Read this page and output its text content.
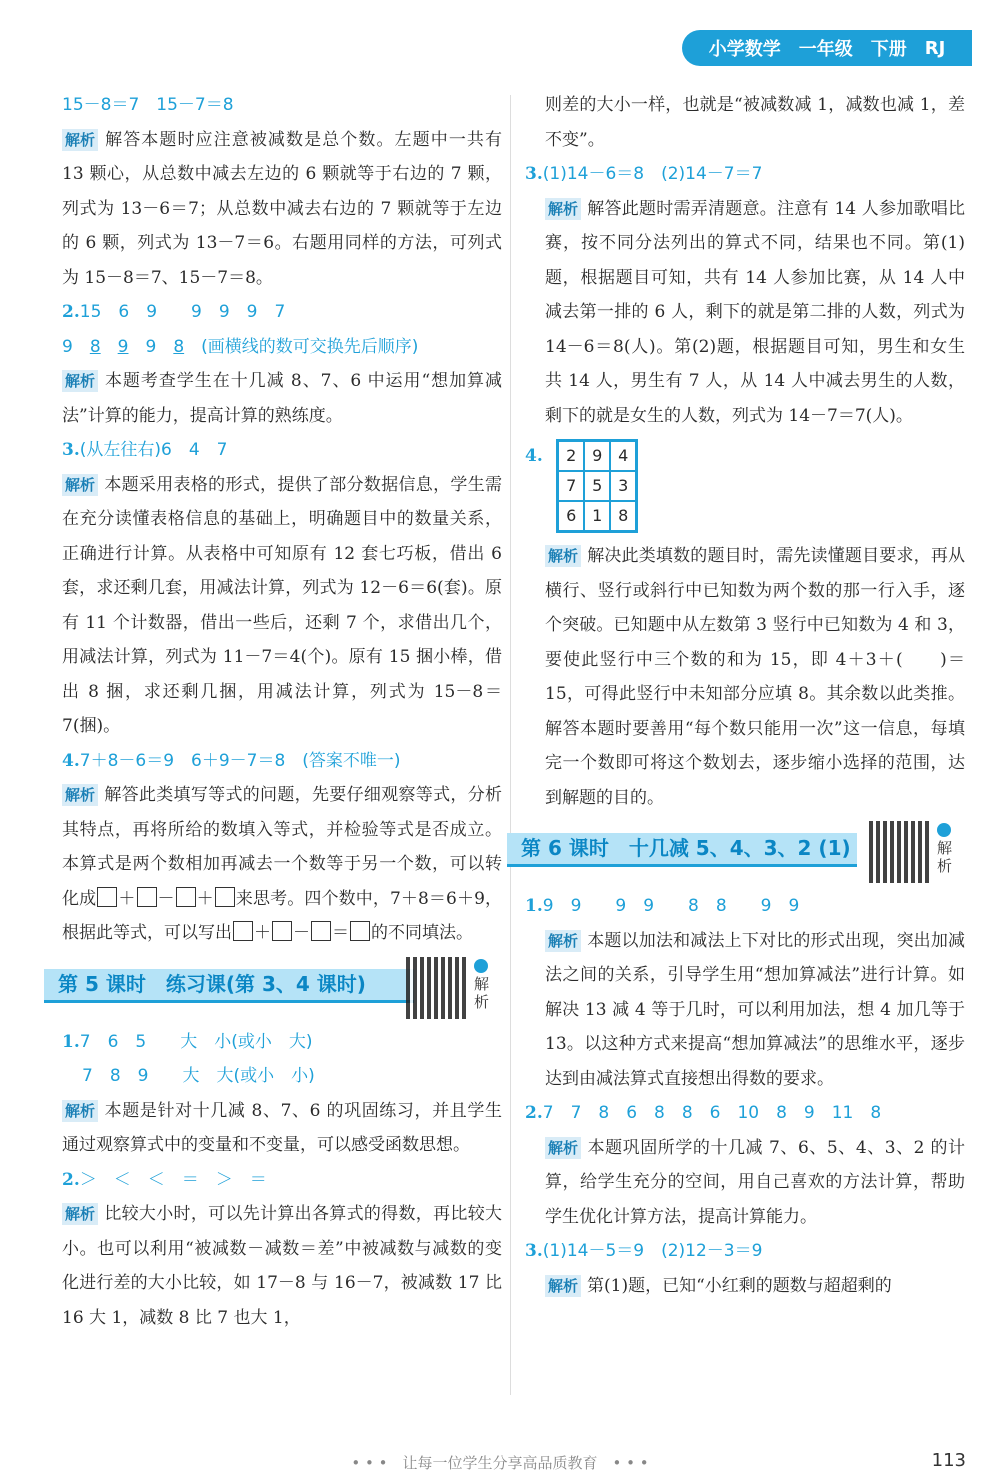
小学数学 一年级 下册 RJ
15－8＝7　15－7＝8

解析 解答本题时应注意被减数是总个数。左题中一共有 13 颗心，从总数中减去左边的 6 颗就等于右边的 7 颗，列式为 13－6＝7；从总数中减去右边的 7 颗就等于左边的 6 颗，列式为 13－7＝6。右题用同样的方法，可列式为 15－8＝7、15－7＝8。

2.15　6　9　　9　9　9　7
9　8　 9　9　8　(画横线的数可交换先后顺序)

解析 本题考查学生在十几减 8、7、6 中运用“想加算减法”计算的能力，提高计算的熟练度。

3.(从左往右)6　4　7

解析 本题采用表格的形式，提供了部分数据信息，学生需在充分读懂表格信息的基础上，明确题目中的数量关系，正确进行计算。从表格中可知原有 12 套七巧板，借出 6 套，求还剩几套，用减法计算，列式为 12－6＝6(套)。原有 11 个计数器，借出一些后，还剩 7 个，求借出几个，用减法计算，列式为 11－7＝4(个)。原有 15 捆小棒，借出 8 捆，求还剩几捆，用减法计算，列式为 15－8＝7(捆)。

4.7＋8－6＝9　6＋9－7＝8　(答案不唯一)

解析 解答此类填写等式的问题，先要仔细观察等式，分析其特点，再将所给的数填入等式，并检验等式是否成立。本算式是两个数相加再减去一个数等于另一个数，可以转化成 ＋ － ＋ 来思考。四个数中，7＋8＝6＋9，根据此等式，可以写出 ＋ － ＝ 的不同填法。

第 5 课时　练习课(第 3、4 课时)	解析
1.7　6　5　　大　小(或小　大)
7　8　9　　大　大(或小　小)

解析 本题是针对十几减 8、7、6 的巩固练习，并且学生通过观察算式中的变量和不变量，可以感受函数思想。

2.＞　＜　＜　＝　＞　＝

解析 比较大小时，可以先计算出各算式的得数，再比较大小。也可以利用“被减数－减数＝差”中被减数与减数的变化进行差的大小比较，如 17－8 与 16－7，被减数 17 比 16 大 1，减数 8 比 7 也大 1，

则差的大小一样，也就是“被减数减 1，减数也减 1，差不变”。

3.(1)14－6＝8　(2)14－7＝7

解析 解答此题时需弄清题意。注意有 14 人参加歌唱比赛，按不同分法列出的算式不同，结果也不同。第(1)题，根据题目可知，共有 14 人参加比赛，从 14 人中减去第一排的 6 人，剩下的就是第二排的人数，列式为 14－6＝8(人)。第(2)题，根据题目可知，男生和女生共 14 人，男生有 7 人，从 14 人中减去男生的人数，剩下的就是女生的人数，列式为 14－7＝7(人)。

4.	2 9 4
7 5 3
6 1 8

解析 解决此类填数的题目时，需先读懂题目要求，再从横行、竖行或斜行中已知数为两个数的那一行入手，逐个突破。已知题中从左数第 3 竖行中已知数为 4 和 3，要使此竖行中三个数的和为 15，即 4＋3＋(　　)＝15，可得此竖行中未知部分应填 8。其余数以此类推。解答本题时要善用“每个数只能用一次”这一信息，每填完一个数即可将这个数划去，逐步缩小选择的范围，达到解题的目的。

第 6 课时　十几减 5、4、3、2 (1)	解析
1.9　9　　9　9　　8　8　　9　9

解析 本题以加法和减法上下对比的形式出现，突出加减法之间的关系，引导学生用“想加算减法”进行计算。如解决 13 减 4 等于几时，可以利用加法，想 4 加几等于 13。以这种方式来提高“想加算减法”的思维水平，逐步达到由减法算式直接想出得数的要求。

2.7　7　8　6　8　8　6　10　8　9　11　8

解析 本题巩固所学的十几减 7、6、5、4、3、2 的计算，给学生充分的空间，用自己喜欢的方法计算，帮助学生优化计算方法，提高计算能力。

3.(1)14－5＝9　(2)12－3＝9

解析 第(1)题，已知“小红剩的题数与超超剩的

• • •　让每一位学生分享高品质教育　• • •	113
